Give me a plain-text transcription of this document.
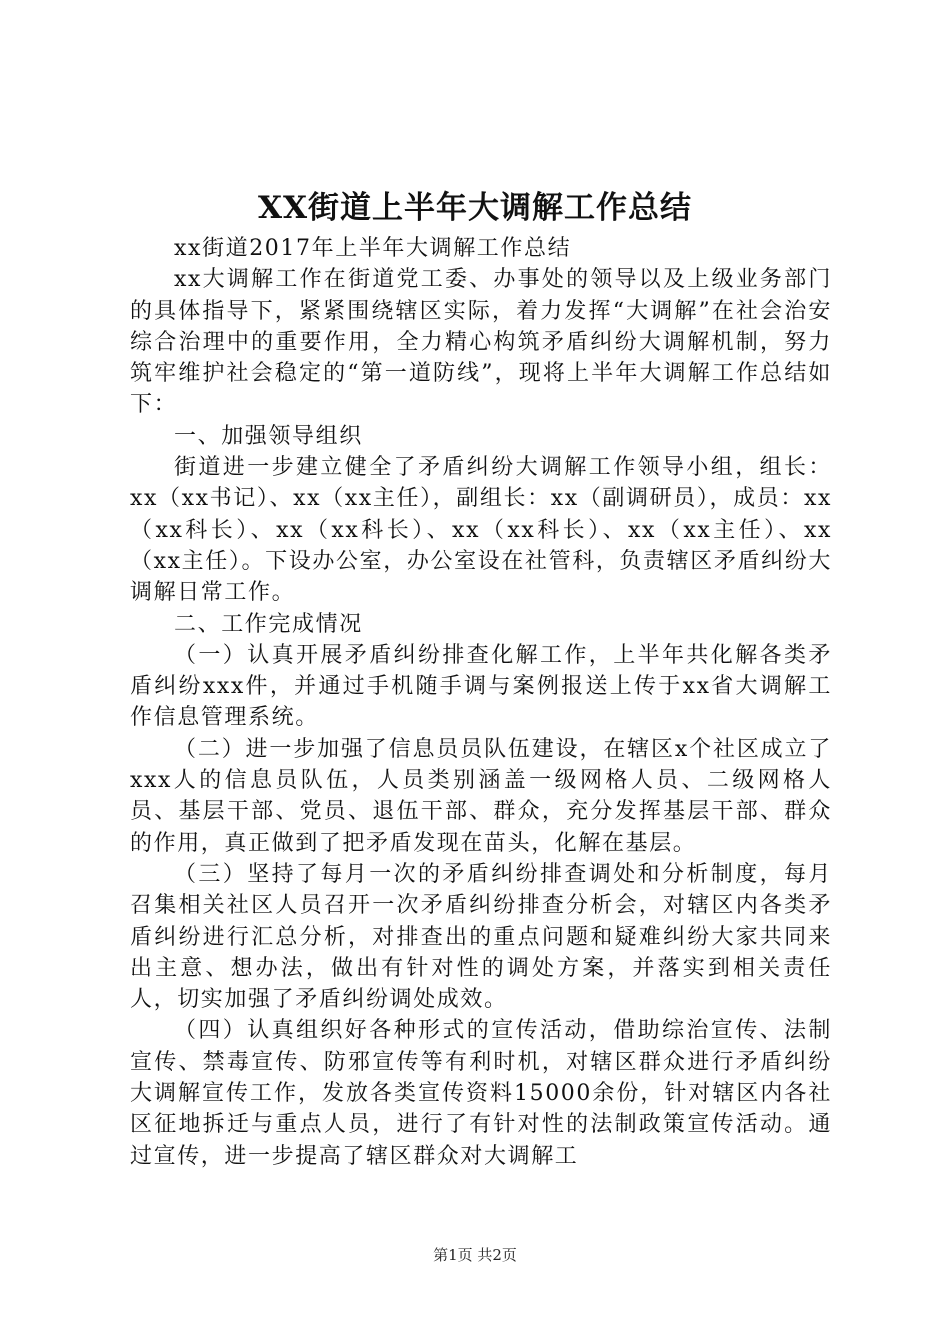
XX街道上半年大调解工作总结

xx街道2017年上半年大调解工作总结

xx大调解工作在街道党工委、办事处的领导以及上级业务部门的具体指导下，紧紧围绕辖区实际，着力发挥“大调解”在社会治安综合治理中的重要作用，全力精心构筑矛盾纠纷大调解机制，努力筑牢维护社会稳定的“第一道防线”，现将上半年大调解工作总结如下：

一、加强领导组织

街道进一步建立健全了矛盾纠纷大调解工作领导小组，组长：xx（xx书记）、xx（xx主任），副组长：xx（副调研员），成员：xx（xx科长）、xx（xx科长）、xx（xx科长）、xx（xx主任）、xx（xx主任）。下设办公室，办公室设在社管科，负责辖区矛盾纠纷大调解日常工作。

二、工作完成情况

（一）认真开展矛盾纠纷排查化解工作，上半年共化解各类矛盾纠纷xxx件，并通过手机随手调与案例报送上传于xx省大调解工作信息管理系统。

（二）进一步加强了信息员员队伍建设，在辖区x个社区成立了xxx人的信息员队伍，人员类别涵盖一级网格人员、二级网格人员、基层干部、党员、退伍干部、群众，充分发挥基层干部、群众的作用，真正做到了把矛盾发现在苗头，化解在基层。

（三）坚持了每月一次的矛盾纠纷排查调处和分析制度，每月召集相关社区人员召开一次矛盾纠纷排查分析会，对辖区内各类矛盾纠纷进行汇总分析，对排查出的重点问题和疑难纠纷大家共同来出主意、想办法，做出有针对性的调处方案，并落实到相关责任人，切实加强了矛盾纠纷调处成效。

（四）认真组织好各种形式的宣传活动，借助综治宣传、法制宣传、禁毒宣传、防邪宣传等有利时机，对辖区群众进行矛盾纠纷大调解宣传工作，发放各类宣传资料15000余份，针对辖区内各社区征地拆迁与重点人员，进行了有针对性的法制政策宣传活动。通过宣传，进一步提高了辖区群众对大调解工

第1页 共2页
